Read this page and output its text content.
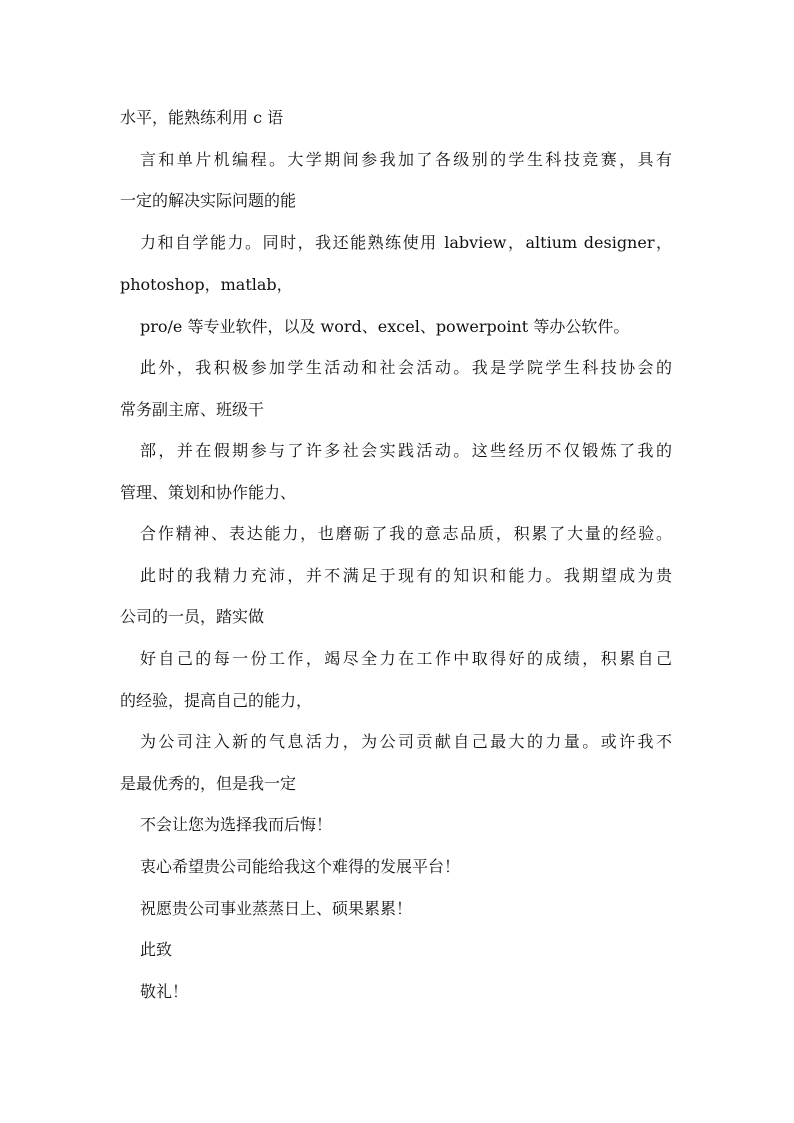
水平，能熟练利用 c 语
言和单片机编程。大学期间参我加了各级别的学生科技竞赛，具有
一定的解决实际问题的能
力和自学能力。同时，我还能熟练使用 labview，altium designer，
photoshop，matlab，
pro/e 等专业软件，以及 word、excel、powerpoint 等办公软件。
此外，我积极参加学生活动和社会活动。我是学院学生科技协会的
常务副主席、班级干
部，并在假期参与了许多社会实践活动。这些经历不仅锻炼了我的
管理、策划和协作能力、
合作精神、表达能力，也磨砺了我的意志品质，积累了大量的经验。
此时的我精力充沛，并不满足于现有的知识和能力。我期望成为贵
公司的一员，踏实做
好自己的每一份工作，竭尽全力在工作中取得好的成绩，积累自己
的经验，提高自己的能力，
为公司注入新的气息活力，为公司贡献自己最大的力量。或许我不
是最优秀的，但是我一定
不会让您为选择我而后悔！
衷心希望贵公司能给我这个难得的发展平台！
祝愿贵公司事业蒸蒸日上、硕果累累！
此致
敬礼！
